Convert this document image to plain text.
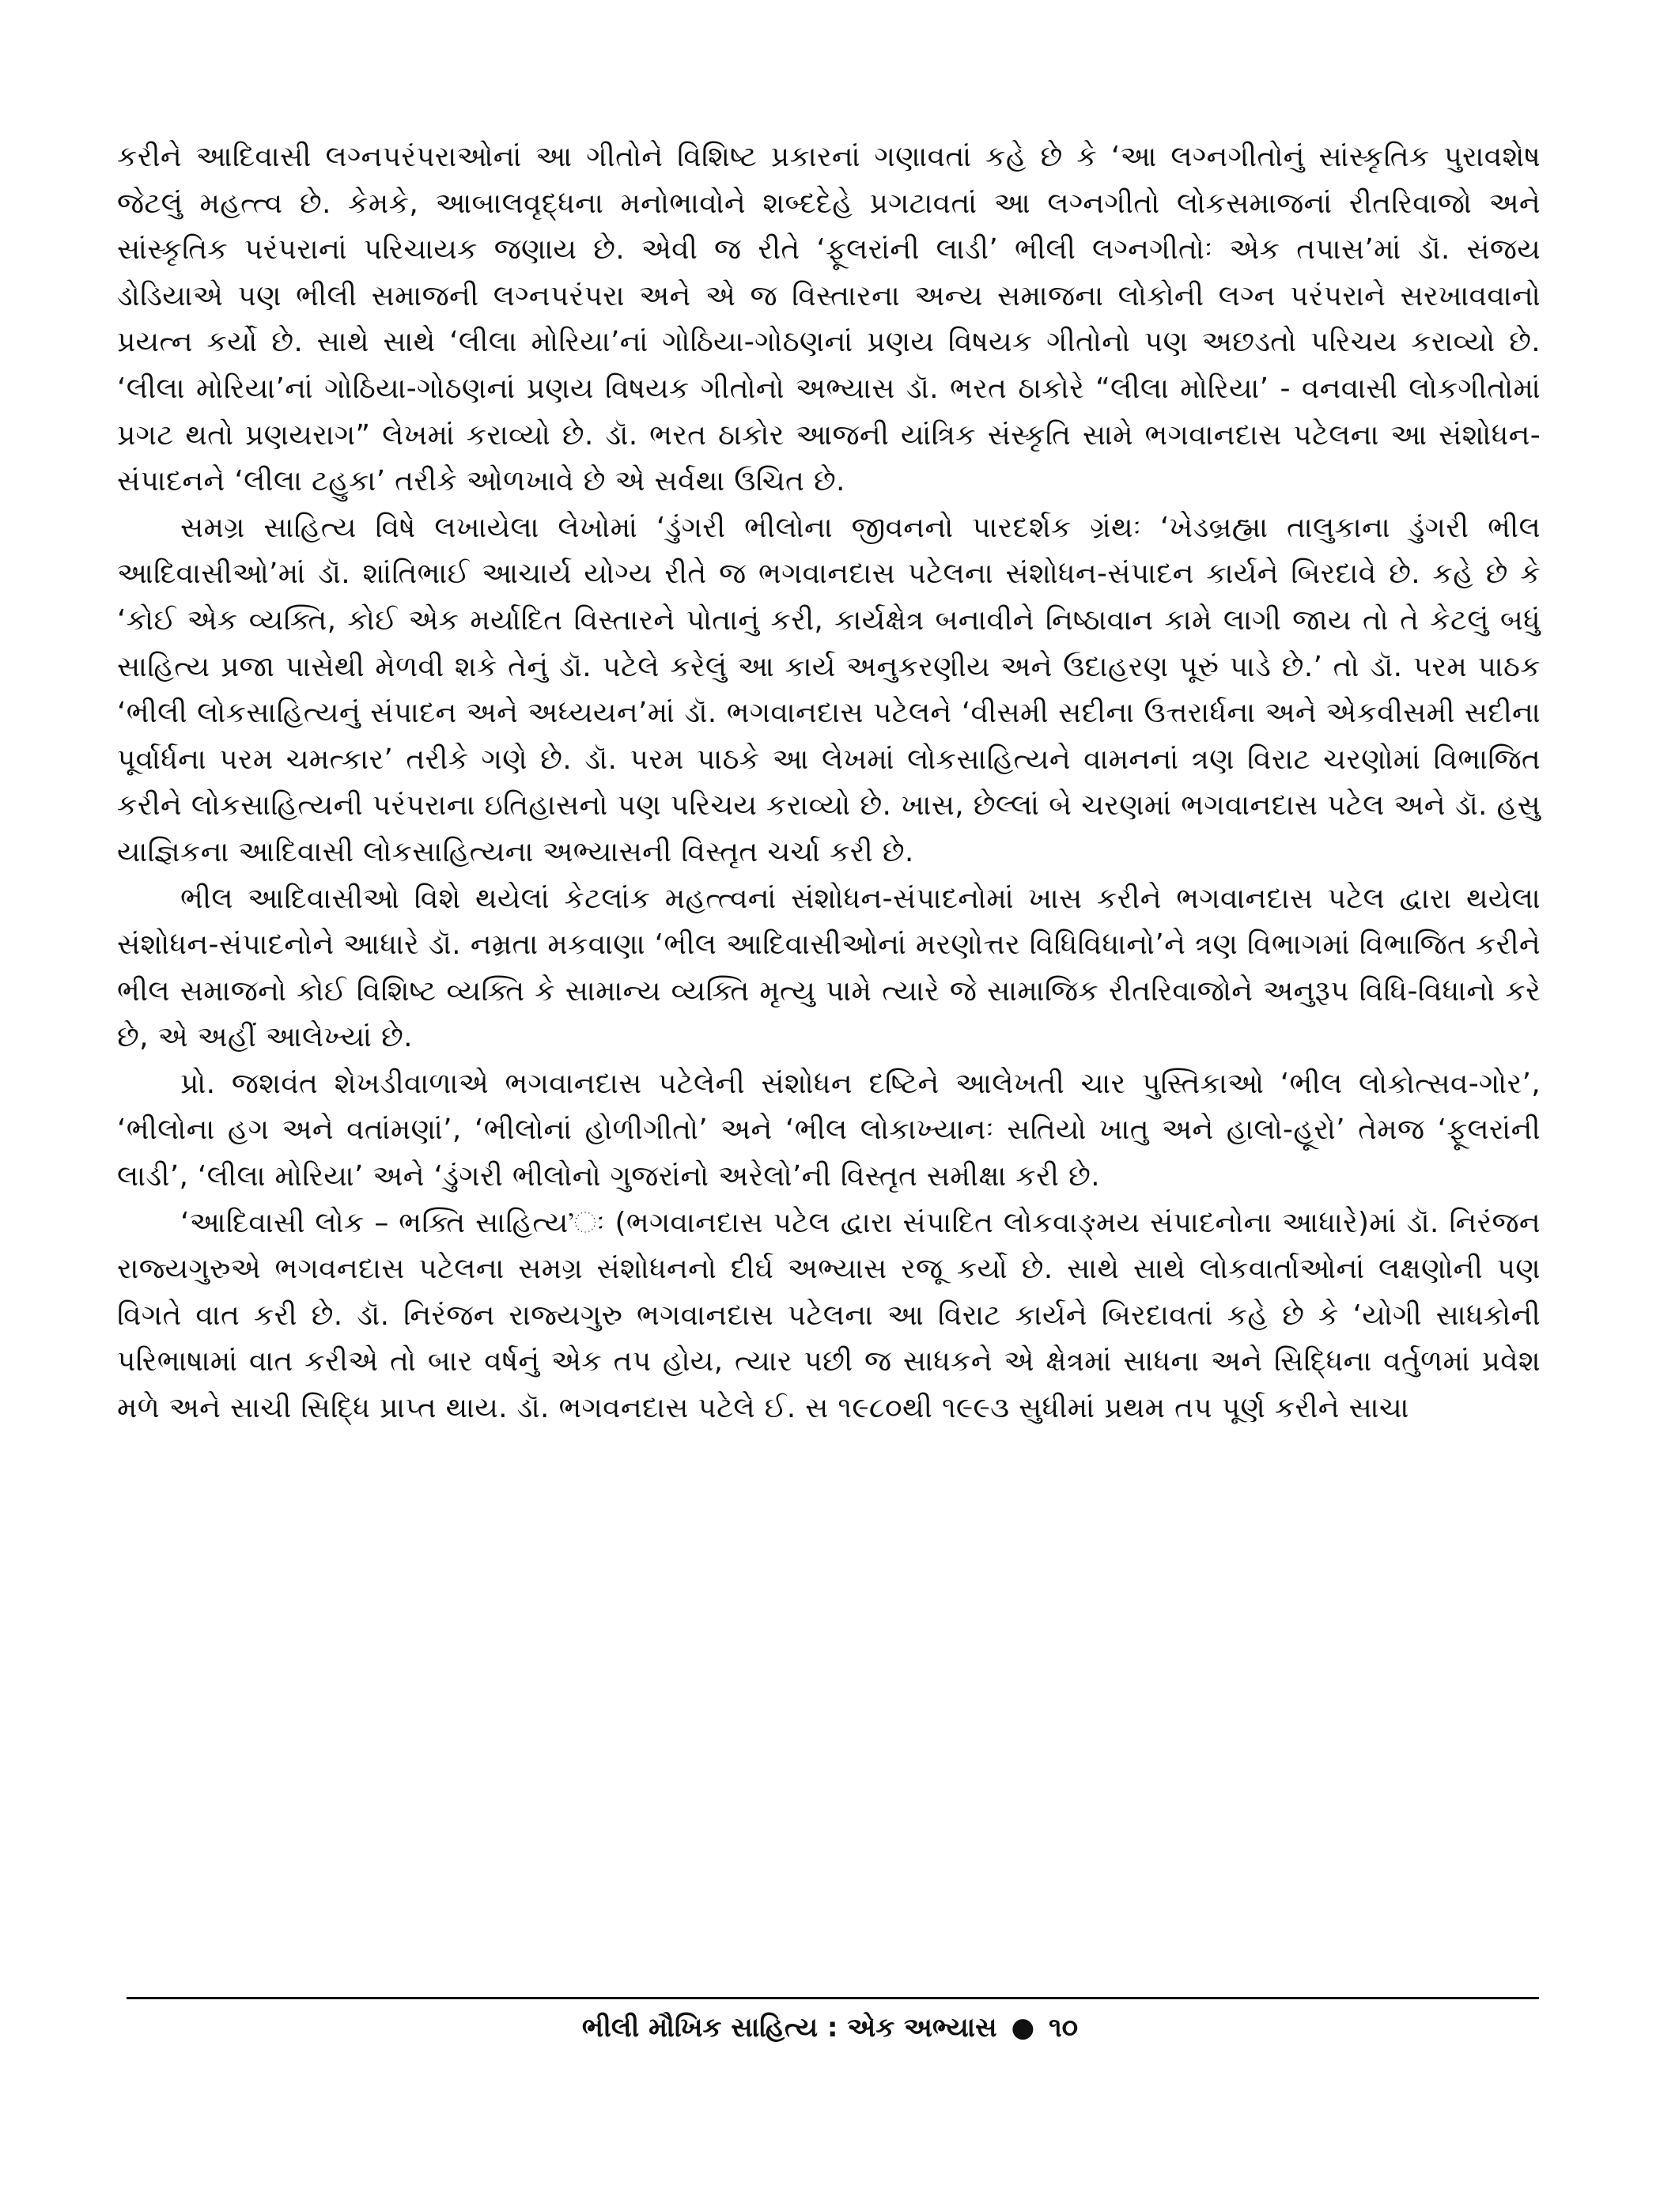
કરીને આદિવાસી લગ્નપરંપરાઓનાં આ ગીતોને વિશિષ્ટ પ્રકારનાં ગણાવતાં કહે છે કે ‘આ લગ્નગીતોનું સાંસ્કૃતિક પુરાવશેષ જેટલું મહત્ત્વ છે. કેમકે, આબાલવૃદ્ધના મનોભાવોને શબ્દદેહે પ્રગટાવતાં આ લગ્નગીતો લોકસમાજનાં રીતરિવાજો અને સાંસ્કૃતિક પરંપરાનાં પરિચાયક જણાય છે. એવી જ રીતે ‘ફૂલરાંની લાડી’ ભીલી લગ્નગીતોઃ એક તપાસ’માં ડૉ. સંજય ડોડિયાએ પણ ભીલી સમાજની લગ્નપરંપરા અને એ જ વિસ્તારના અન્ય સમાજના લોકોની લગ્ન પરંપરાને સરખાવવાનો પ્રયત્ન કર્યો છે. સાથે સાથે ‘લીલા મોરિયા’નાં ગોઠિયા-ગોઠણનાં પ્રણય વિષયક ગીતોનો પણ અછડતો પરિચય કરાવ્યો છે. ‘લીલા મોરિયા’નાં ગોઠિયા-ગોઠણનાં પ્રણય વિષયક ગીતોનો અભ્યાસ ડૉ. ભરત ઠાકોરે “લીલા મોરિયા’ - વનવાસી લોકગીતોમાં પ્રગટ થતો પ્રણયરાગ” લેખમાં કરાવ્યો છે. ડૉ. ભરત ઠાકોર આજની યાંત્રિક સંસ્કૃતિ સામે ભગવાનદાસ પટેલના આ સંશોધન-સંપાદનને ‘લીલા ટહુકા’ તરીકે ઓળખાવે છે એ સર્વથા ઉચિત છે.

સમગ્ર સાહિત્ય વિષે લખાયેલા લેખોમાં ‘ડુંગરી ભીલોના જીવનનો પારદર્શક ગ્રંથઃ ‘ખેડબ્રહ્મા તાલુકાના ડુંગરી ભીલ આદિવાસીઓ’માં ડૉ. શાંતિભાઈ આચાર્ય યોગ્ય રીતે જ ભગવાનદાસ પટેલના સંશોધન-સંપાદન કાર્યને બિરદાવે છે. કહે છે કે ‘કોઈ એક વ્યક્તિ, કોઈ એક મર્યાદિત વિસ્તારને પોતાનું કરી, કાર્યક્ષેત્ર બનાવીને નિષ્ઠાવાન કામે લાગી જાય તો તે કેટલું બધું સાહિત્ય પ્રજા પાસેથી મેળવી શકે તેનું ડૉ. પટેલે કરેલું આ કાર્ય અનુકરણીય અને ઉદાહરણ પૂરું પાડે છે.’ તો ડૉ. પરમ પાઠક ‘ભીલી લોકસાહિત્યનું સંપાદન અને અધ્યયન’માં ડૉ. ભગવાનદાસ પટેલને ‘વીસમી સદીના ઉત્તરાર્ધના અને એકવીસમી સદીના પૂર્વાર્ધના પરમ ચમત્કાર’ તરીકે ગણે છે. ડૉ. પરમ પાઠકે આ લેખમાં લોકસાહિત્યને વામનનાં ત્રણ વિરાટ ચરણોમાં વિભાજિત કરીને લોકસાહિત્યની પરંપરાના ઇતિહાસનો પણ પરિચય કરાવ્યો છે. ખાસ, છેલ્લાં બે ચરણમાં ભગવાનદાસ પટેલ અને ડૉ. હસુ યાજ્ઞિકના આદિવાસી લોકસાહિત્યના અભ્યાસની વિસ્તૃત ચર્ચા કરી છે.

ભીલ આદિવાસીઓ વિશે થયેલાં કેટલાંક મહત્ત્વનાં સંશોધન-સંપાદનોમાં ખાસ કરીને ભગવાનદાસ પટેલ દ્વારા થયેલા સંશોધન-સંપાદનોને આધારે ડૉ. નમ્રતા મકવાણા ‘ભીલ આદિવાસીઓનાં મરણોત્તર વિધિવિધાનો’ને ત્રણ વિભાગમાં વિભાજિત કરીને ભીલ સમાજનો કોઈ વિશિષ્ટ વ્યક્તિ કે સામાન્ય વ્યક્તિ મૃત્યુ પામે ત્યારે જે સામાજિક રીતરિવાજોને અનુરૂપ વિધિ-વિધાનો કરે છે, એ અહીં આલેખ્યાં છે.

પ્રો. જશવંત શેખડીવાળાએ ભગવાનદાસ પટેલેની સંશોધન દષ્ટિને આલેખતી ચાર પુસ્તિકાઓ ‘ભીલ લોકોત્સવ-ગોર’, ‘ભીલોના હગ અને વતાંમણાં’, ‘ભીલોનાં હોળીગીતો’ અને ‘ભીલ લોકાખ્યાનઃ સતિયો ખાતુ અને હાલો-હૂરો’ તેમજ ‘ફૂલરાંની લાડી’, ‘લીલા મોરિયા’ અને ‘ડુંગરી ભીલોનો ગુજરાંનો અરેલો’ની વિસ્તૃત સમીક્ષા કરી છે.

‘આદિવાસી લોક – ભક્તિ સાહિત્ય’ઃ (ભગવાનદાસ પટેલ દ્વારા સંપાદિત લોકવાઙ્મય સંપાદનોના આધારે)માં ડૉ. નિરંજન રાજ્યગુરુએ ભગવનદાસ પટેલના સમગ્ર સંશોધનનો દીર્ઘ અભ્યાસ રજૂ કર્યો છે. સાથે સાથે લોકવાર્તાઓનાં લક્ષણોની પણ વિગતે વાત કરી છે. ડૉ. નિરંજન રાજ્યગુરુ ભગવાનદાસ પટેલના આ વિરાટ કાર્યને બિરદાવતાં કહે છે કે ‘યોગી સાધકોની પરિભાષામાં વાત કરીએ તો બાર વર્ષનું એક તપ હોય, ત્યાર પછી જ સાધકને એ ક્ષેત્રમાં સાધના અને સિદ્ધિના વર્તુળમાં પ્રવેશ મળે અને સાચી સિદ્ધિ પ્રાપ્ત થાય. ડૉ. ભગવનદાસ પટેલે ઈ. સ ૧૯૮૦થી ૧૯૯૩ સુધીમાં પ્રથમ તપ પૂર્ણ કરીને સાચા

ભીલી મૌખિક સાહિત્ય : એક અભ્યાસ ● ૧૦
